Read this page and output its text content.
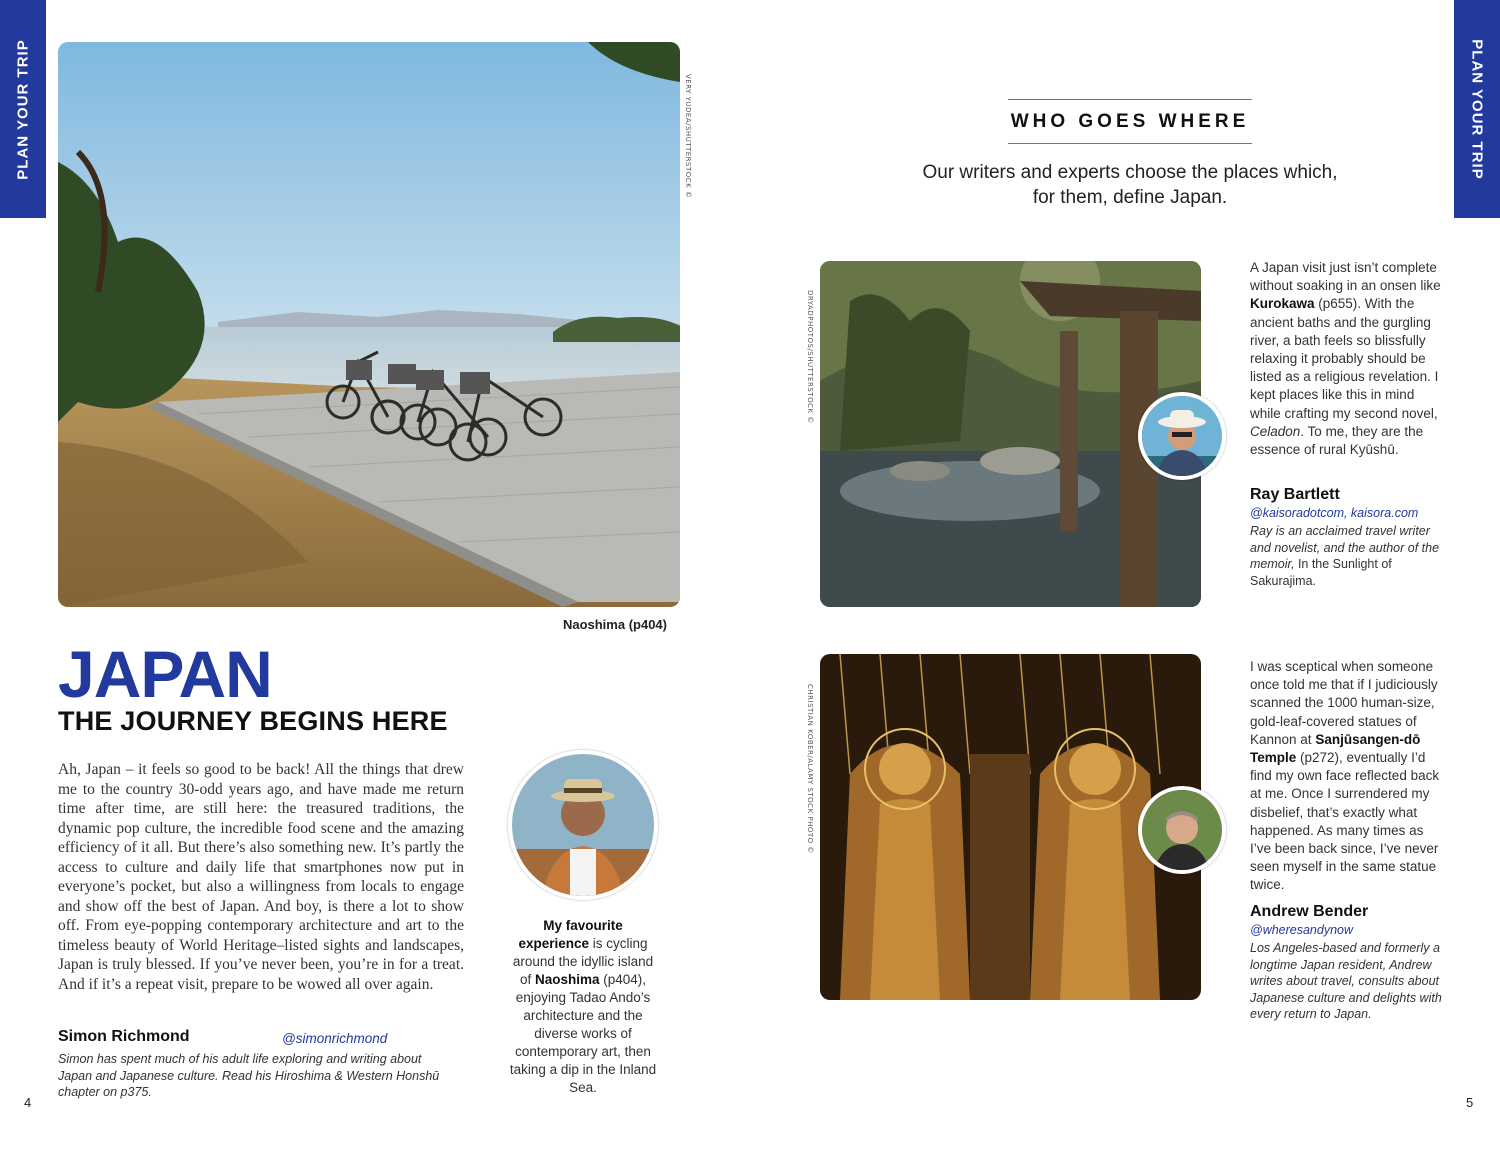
PLAN YOUR TRIP	PLAN YOUR TRIP
VERY YUDEA/SHUTTERSTOCK ©
Naoshima (p404)
JAPAN
THE JOURNEY BEGINS HERE
Ah, Japan – it feels so good to be back! All the things that drew me to the country 30-odd years ago, and have made me return time after time, are still here: the treasured traditions, the dynamic pop culture, the incredible food scene and the amazing efficiency of it all. But there’s also something new. It’s partly the access to culture and daily life that smartphones now put in everyone’s pocket, but also a willingness from locals to engage and show off the best of Japan. And boy, is there a lot to show off. From eye-popping contemporary architecture and art to the timeless beauty of World Heritage–listed sights and landscapes, Japan is truly blessed. If you’ve never been, you’re in for a treat. And if it’s a repeat visit, prepare to be wowed all over again.
Simon Richmond	@simonrichmond
Simon has spent much of his adult life exploring and writing about Japan and Japanese culture. Read his Hiroshima & Western Honshū chapter on p375.
My favourite experience is cycling around the idyllic island of Naoshima (p404), enjoying Tadao Ando’s architecture and the diverse works of contemporary art, then taking a dip in the Inland Sea.
4
WHO GOES WHERE
Our writers and experts choose the places which,
for them, define Japan.
DRYADPHOTOS/SHUTTERSTOCK ©
A Japan visit just isn’t complete without soaking in an onsen like Kurokawa (p655). With the ancient baths and the gurgling river, a bath feels so blissfully relaxing it probably should be listed as a religious revelation. I kept places like this in mind while crafting my second novel, Celadon. To me, they are the essence of rural Kyūshū.
Ray Bartlett
@kaisoradotcom, kaisora.com
Ray is an acclaimed travel writer and novelist, and the author of the memoir, In the Sunlight of Sakurajima.
CHRISTIAN KOBER/ALAMY STOCK PHOTO ©
I was sceptical when someone once told me that if I judiciously scanned the 1000 human-size, gold-leaf-covered statues of Kannon at Sanjūsangen-dō Temple (p272), eventually I’d find my own face reflected back at me. Once I surrendered my disbelief, that’s exactly what happened. As many times as I’ve been back since, I’ve never seen myself in the same statue twice.
Andrew Bender
@wheresandynow
Los Angeles-based and formerly a longtime Japan resident, Andrew writes about travel, consults about Japanese culture and delights with every return to Japan.
5
